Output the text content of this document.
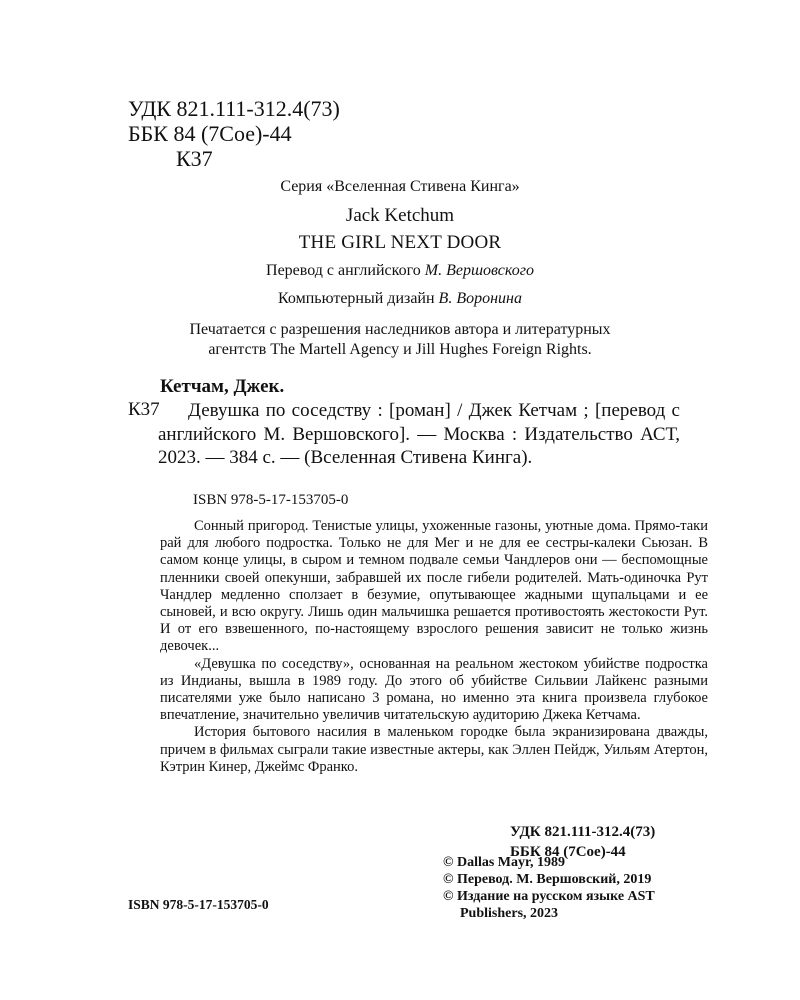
УДК 821.111-312.4(73)
ББК 84 (7Сое)-44
К37
Серия «Вселенная Стивена Кинга»
Jack Ketchum
THE GIRL NEXT DOOR
Перевод с английского М. Вершовского
Компьютерный дизайн В. Воронина
Печатается с разрешения наследников автора и литературных
агентств The Martell Agency и Jill Hughes Foreign Rights.
Кетчам, Джек.
К37	Девушка по соседству : [роман] / Джек Кетчам ; [перевод с английского М. Вершовского]. — Москва : Издательство АСТ, 2023. — 384 с. — (Вселенная Стивена Кинга).
ISBN 978-5-17-153705-0

Сонный пригород. Тенистые улицы, ухоженные газоны, уютные дома. Прямо-таки рай для любого подростка. Только не для Мег и не для ее сестры-калеки Сьюзан. В самом конце улицы, в сыром и темном подвале семьи Чандлеров они — беспомощные пленники своей опекунши, забравшей их после гибели родителей. Мать-одиночка Рут Чандлер медленно сползает в безумие, опутывающее жадными щупальцами и ее сыновей, и всю округу. Лишь один мальчишка решается противостоять жестокости Рут. И от его взвешенного, по-настоящему взрослого решения зависит не только жизнь девочек...

«Девушка по соседству», основанная на реальном жестоком убийстве подростка из Индианы, вышла в 1989 году. До этого об убийстве Сильвии Лайкенс разными писателями уже было написано 3 романа, но именно эта книга произвела глубокое впечатление, значительно увеличив читательскую аудиторию Джека Кетчама.

История бытового насилия в маленьком городке была экранизирована дважды, причем в фильмах сыграли такие известные актеры, как Эллен Пейдж, Уильям Атертон, Кэтрин Кинер, Джеймс Франко.

УДК 821.111-312.4(73)
ББК 84 (7Сое)-44
© Dallas Mayr, 1989
© Перевод. М. Вершовский, 2019
© Издание на русском языке AST
Publishers, 2023
ISBN 978-5-17-153705-0
